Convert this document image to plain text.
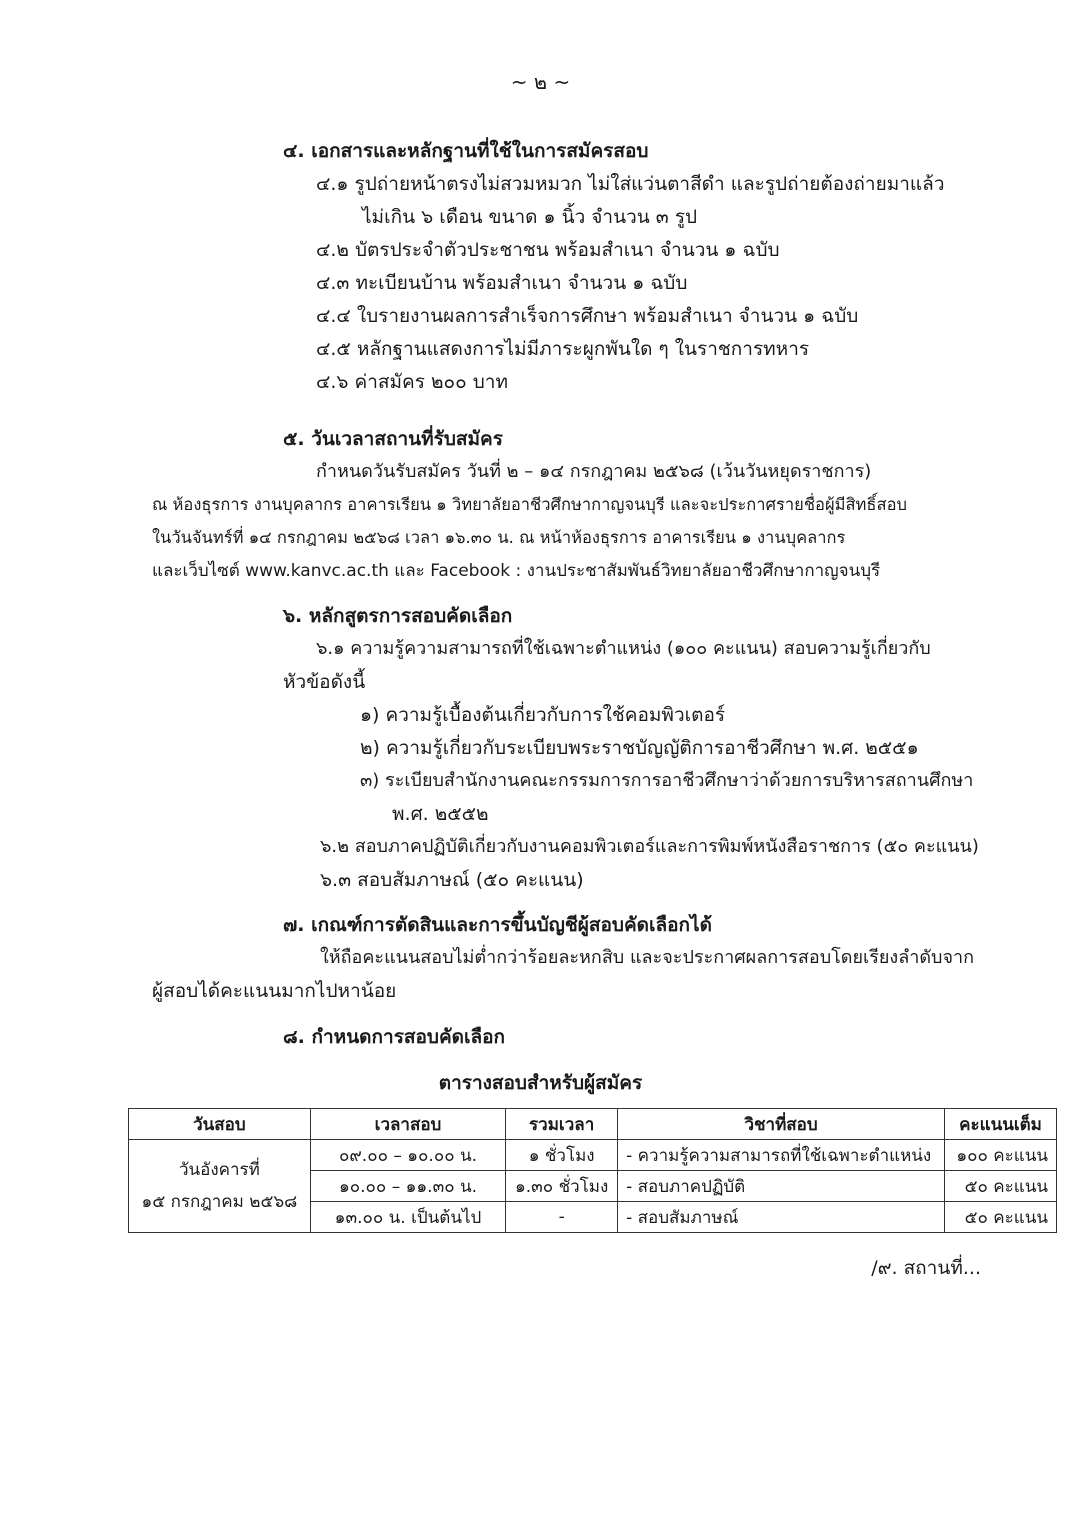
~ ๒ ~
๔. เอกสารและหลักฐานที่ใช้ในการสมัครสอบ
๔.๑ รูปถ่ายหน้าตรงไม่สวมหมวก ไม่ใส่แว่นตาสีดำ และรูปถ่ายต้องถ่ายมาแล้ว
ไม่เกิน ๖ เดือน ขนาด ๑ นิ้ว จำนวน ๓ รูป
๔.๒ บัตรประจำตัวประชาชน พร้อมสำเนา จำนวน ๑ ฉบับ
๔.๓ ทะเบียนบ้าน พร้อมสำเนา จำนวน ๑ ฉบับ
๔.๔ ใบรายงานผลการสำเร็จการศึกษา พร้อมสำเนา จำนวน ๑ ฉบับ
๔.๕ หลักฐานแสดงการไม่มีภาระผูกพันใด ๆ ในราชการทหาร
๔.๖ ค่าสมัคร ๒๐๐ บาท
๕. วันเวลาสถานที่รับสมัคร
กำหนดวันรับสมัคร วันที่ ๒ – ๑๔ กรกฎาคม ๒๕๖๘ (เว้นวันหยุดราชการ)
ณ ห้องธุรการ งานบุคลากร อาคารเรียน ๑ วิทยาลัยอาชีวศึกษากาญจนบุรี และจะประกาศรายชื่อผู้มีสิทธิ์สอบ
ในวันจันทร์ที่ ๑๔ กรกฎาคม ๒๕๖๘ เวลา ๑๖.๓๐ น. ณ หน้าห้องธุรการ อาคารเรียน ๑ งานบุคลากร
และเว็บไซต์ www.kanvc.ac.th และ Facebook : งานประชาสัมพันธ์วิทยาลัยอาชีวศึกษากาญจนบุรี
๖. หลักสูตรการสอบคัดเลือก
๖.๑ ความรู้ความสามารถที่ใช้เฉพาะตำแหน่ง (๑๐๐ คะแนน) สอบความรู้เกี่ยวกับ
หัวข้อดังนี้
๑) ความรู้เบื้องต้นเกี่ยวกับการใช้คอมพิวเตอร์
๒) ความรู้เกี่ยวกับระเบียบพระราชบัญญัติการอาชีวศึกษา พ.ศ. ๒๕๕๑
๓) ระเบียบสำนักงานคณะกรรมการการอาชีวศึกษาว่าด้วยการบริหารสถานศึกษา
พ.ศ. ๒๕๕๒
๖.๒ สอบภาคปฏิบัติเกี่ยวกับงานคอมพิวเตอร์และการพิมพ์หนังสือราชการ (๕๐ คะแนน)
๖.๓ สอบสัมภาษณ์ (๕๐ คะแนน)
๗. เกณฑ์การตัดสินและการขึ้นบัญชีผู้สอบคัดเลือกได้
ให้ถือคะแนนสอบไม่ต่ำกว่าร้อยละหกสิบ และจะประกาศผลการสอบโดยเรียงลำดับจาก
ผู้สอบได้คะแนนมากไปหาน้อย
๘. กำหนดการสอบคัดเลือก
ตารางสอบสำหรับผู้สมัคร
วันสอบ	เวลาสอบ	รวมเวลา	วิชาที่สอบ	คะแนนเต็ม

วันอังคารที่
๑๕ กรกฎาคม ๒๕๖๘	๐๙.๐๐ – ๑๐.๐๐ น.	๑ ชั่วโมง	- ความรู้ความสามารถที่ใช้เฉพาะตำแหน่ง	๑๐๐ คะแนน
	๑๐.๐๐ – ๑๑.๓๐ น.	๑.๓๐ ชั่วโมง	- สอบภาคปฏิบัติ	๕๐ คะแนน
	๑๓.๐๐ น. เป็นต้นไป	-	- สอบสัมภาษณ์	๕๐ คะแนน
/๙. สถานที่...
